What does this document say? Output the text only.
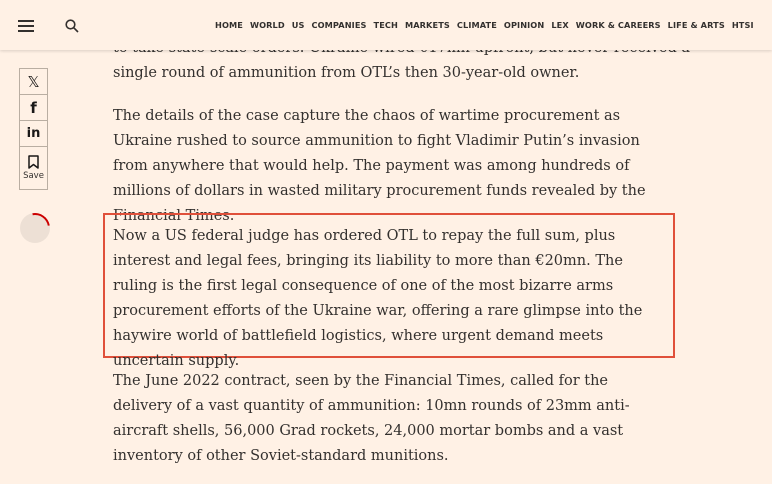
HOME WORLD US COMPANIES TECH MARKETS CLIMATE OPINION LEX WORK & CAREERS LIFE & ARTS HTSI
𝕏
f
in
Save

single round of ammunition from OTL’s then 30-year-old owner.

The details of the case capture the chaos of wartime procurement as Ukraine rushed to source ammunition to fight Vladimir Putin’s invasion from anywhere that would help. The payment was among hundreds of millions of dollars in wasted military procurement funds revealed by the Financial Times.

Now a US federal judge has ordered OTL to repay the full sum, plus interest and legal fees, bringing its liability to more than €20mn. The ruling is the first legal consequence of one of the most bizarre arms procurement efforts of the Ukraine war, offering a rare glimpse into the haywire world of battlefield logistics, where urgent demand meets uncertain supply.

The June 2022 contract, seen by the Financial Times, called for the delivery of a vast quantity of ammunition: 10mn rounds of 23mm anti-aircraft shells, 56,000 Grad rockets, 24,000 mortar bombs and a vast inventory of other Soviet-standard munitions.
